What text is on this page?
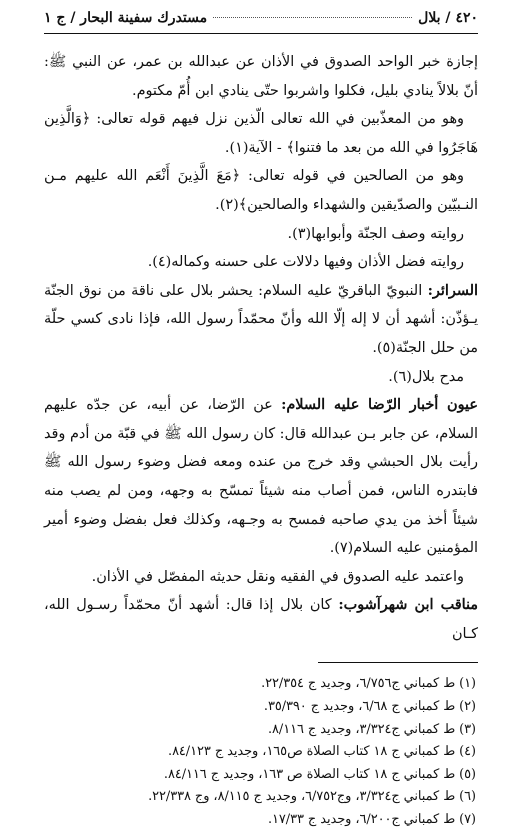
٤٢٠ / بلال
مستدرك سفينة البحار / ج ١

إجازة خبر الواحد الصدوق في الأذان عن عبدالله بن عمر، عن النبي ﷺ: أنّ بلالاً ينادي بليل، فكلوا واشربوا حتّى ينادي ابن أُمّ مكتوم.

وهو من المعذّبين في الله تعالى الّذين نزل فيهم قوله تعالى: ﴿وَالَّذِين هَاجَرُوا في الله من بعد ما فتنوا﴾ - الآية(١).

وهو من الصالحين في قوله تعالى: ﴿مَعَ الَّذِينَ أَنْعَم الله عليهم مـن النـبيّين والصدّيقين والشهداء والصالحين﴾(٢).

روايته وصف الجنّة وأبوابها(٣).

روايته فضل الأذان وفيها دلالات على حسنه وكماله(٤).

السرائر: النبويّ الباقريّ عليه السلام: يحشر بلال على ناقة من نوق الجنّة يـؤذّن: أشهد أن لا إله إلّا الله وأنّ محمّداً رسول الله، فإذا نادى كسي حلّة من حلل الجنّة(٥).

مدح بلال(٦).

عيون أخبار الرّضا عليه السلام: عن الرّضا، عن أبيه، عن جدّه عليهم السلام، عن جابر بـن عبدالله قال: كان رسول الله ﷺ في قبّة من أدم وقد رأيت بلال الحبشي وقد خرج من عنده ومعه فضل وضوء رسول الله ﷺ فابتدره الناس، فمن أصاب منه شيئاً تمسّح به وجهه، ومن لم يصب منه شيئاً أخذ من يدي صاحبه فمسح به وجـهه، وكذلك فعل بفضل وضوء أمير المؤمنين عليه السلام(٧).

واعتمد عليه الصدوق في الفقيه ونقل حديثه المفصّل في الأذان.

مناقب ابن شهرآشوب: كان بلال إذا قال: أشهد أنّ محمّداً رسـول الله، كـان

(١) ط كمباني ج٦/٧٥٦، وجديد ج ٢٢/٣٥٤.

(٢) ط كمباني ج ٦/٦٨، وجديد ج ٣٥/٣٩٠.

(٣) ط كمباني ج٣/٣٢٤، وجديد ج ٨/١١٦.

(٤) ط كمباني ج ١٨ كتاب الصلاة ص١٦٥، وجديد ج ٨٤/١٢٣.

(٥) ط كمباني ج ١٨ كتاب الصلاة ص ١٦٣، وجديد ج ٨٤/١١٦.

(٦) ط كمباني ج٣/٣٢٤، وج٦/٧٥٢، وجديد ج ٨/١١٥، وج ٢٢/٣٣٨.

(٧) ط كمباني ج٦/٢٠٠، وجديد ج ١٧/٣٣.
